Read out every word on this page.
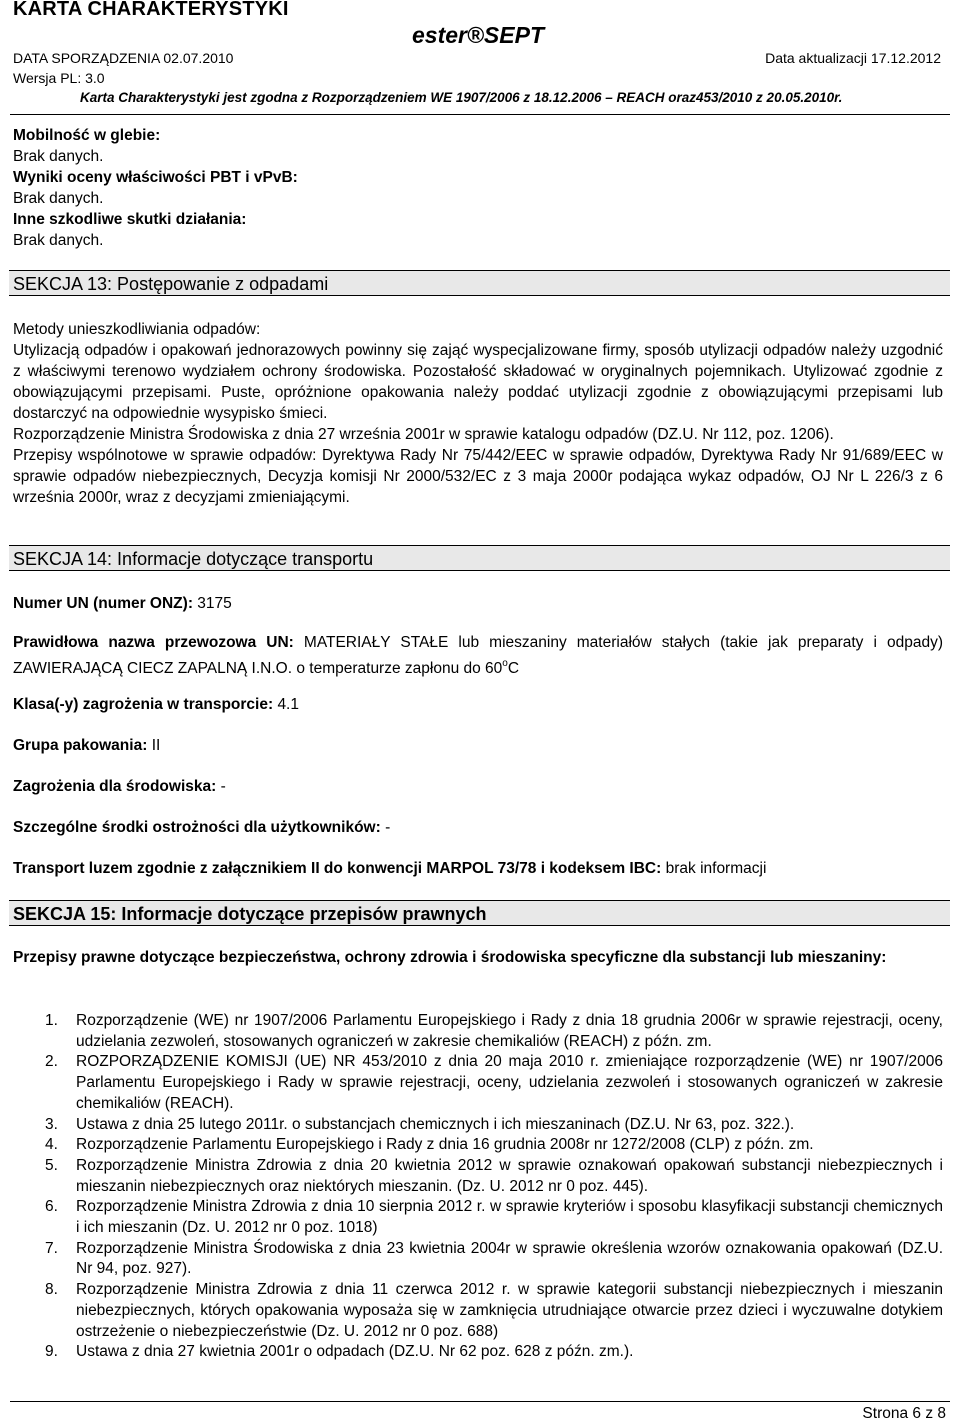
KARTA CHARAKTERYSTYKI
ester®SEPT
DATA SPORZĄDZENIA 02.07.2010	Data aktualizacji 17.12.2012
Wersja PL: 3.0
Karta Charakterystyki jest zgodna z Rozporządzeniem WE 1907/2006 z 18.12.2006 – REACH oraz453/2010 z 20.05.2010r.
Mobilność w glebie:
Brak danych.
Wyniki oceny właściwości PBT i vPvB:
Brak danych.
Inne szkodliwe skutki działania:
Brak danych.
SEKCJA 13: Postępowanie z odpadami

Metody unieszkodliwiania odpadów:

Utylizacją odpadów i opakowań jednorazowych powinny się zająć wyspecjalizowane firmy, sposób utylizacji odpadów należy uzgodnić z właściwymi terenowo wydziałem ochrony środowiska. Pozostałość składować w oryginalnych pojemnikach. Utylizować zgodnie z obowiązującymi przepisami. Puste, opróżnione opakowania należy poddać utylizacji zgodnie z obowiązującymi przepisami lub dostarczyć na odpowiednie wysypisko śmieci.

Rozporządzenie Ministra Środowiska z dnia 27 września 2001r w sprawie katalogu odpadów (DZ.U. Nr 112, poz. 1206).

Przepisy wspólnotowe w sprawie odpadów: Dyrektywa Rady Nr 75/442/EEC w sprawie odpadów, Dyrektywa Rady Nr 91/689/EEC w sprawie odpadów niebezpiecznych, Decyzja komisji Nr 2000/532/EC z 3 maja 2000r podająca wykaz odpadów, OJ Nr L 226/3 z 6 września 2000r, wraz z decyzjami zmieniającymi.

SEKCJA 14: Informacje dotyczące transportu
Numer UN (numer ONZ): 3175
Prawidłowa nazwa przewozowa UN: MATERIAŁY STAŁE lub mieszaniny materiałów stałych (takie jak preparaty i odpady) ZAWIERAJĄCĄ CIECZ ZAPALNĄ I.N.O. o temperaturze zapłonu do 60$^o$C
Klasa(-y) zagrożenia w transporcie: 4.1
Grupa pakowania: II
Zagrożenia dla środowiska: -
Szczególne środki ostrożności dla użytkowników: -
Transport luzem zgodnie z załącznikiem II do konwencji MARPOL 73/78 i kodeksem IBC: brak informacji
SEKCJA 15: Informacje dotyczące przepisów prawnych
Przepisy prawne dotyczące bezpieczeństwa, ochrony zdrowia i środowiska specyficzne dla substancji lub mieszaniny:
1. Rozporządzenie (WE) nr 1907/2006 Parlamentu Europejskiego i Rady z dnia 18 grudnia 2006r w sprawie rejestracji, oceny, udzielania zezwoleń, stosowanych ograniczeń w zakresie chemikaliów (REACH) z późn. zm.
2. ROZPORZĄDZENIE KOMISJI (UE) NR 453/2010 z dnia 20 maja 2010 r. zmieniające rozporządzenie (WE) nr 1907/2006 Parlamentu Europejskiego i Rady w sprawie rejestracji, oceny, udzielania zezwoleń i stosowanych ograniczeń w zakresie chemikaliów (REACH).
3. Ustawa z dnia 25 lutego 2011r. o substancjach chemicznych i ich mieszaninach (DZ.U. Nr 63, poz. 322.).
4. Rozporządzenie Parlamentu Europejskiego i Rady z dnia 16 grudnia 2008r nr 1272/2008 (CLP) z późn. zm.
5. Rozporządzenie Ministra Zdrowia z dnia 20 kwietnia 2012 w sprawie oznakowań opakowań substancji niebezpiecznych i mieszanin niebezpiecznych oraz niektórych mieszanin. (Dz. U. 2012 nr 0 poz. 445).
6. Rozporządzenie Ministra Zdrowia z dnia 10 sierpnia 2012 r. w sprawie kryteriów i sposobu klasyfikacji substancji chemicznych i ich mieszanin (Dz. U. 2012 nr 0 poz. 1018)
7. Rozporządzenie Ministra Środowiska z dnia 23 kwietnia 2004r w sprawie określenia wzorów oznakowania opakowań (DZ.U. Nr 94, poz. 927).
8. Rozporządzenie Ministra Zdrowia z dnia 11 czerwca 2012 r. w sprawie kategorii substancji niebezpiecznych i mieszanin niebezpiecznych, których opakowania wyposaża się w zamknięcia utrudniające otwarcie przez dzieci i wyczuwalne dotykiem ostrzeżenie o niebezpieczeństwie (Dz. U. 2012 nr 0 poz. 688)
9. Ustawa z dnia 27 kwietnia 2001r o odpadach (DZ.U. Nr 62 poz. 628 z późn. zm.).
Strona 6 z 8
